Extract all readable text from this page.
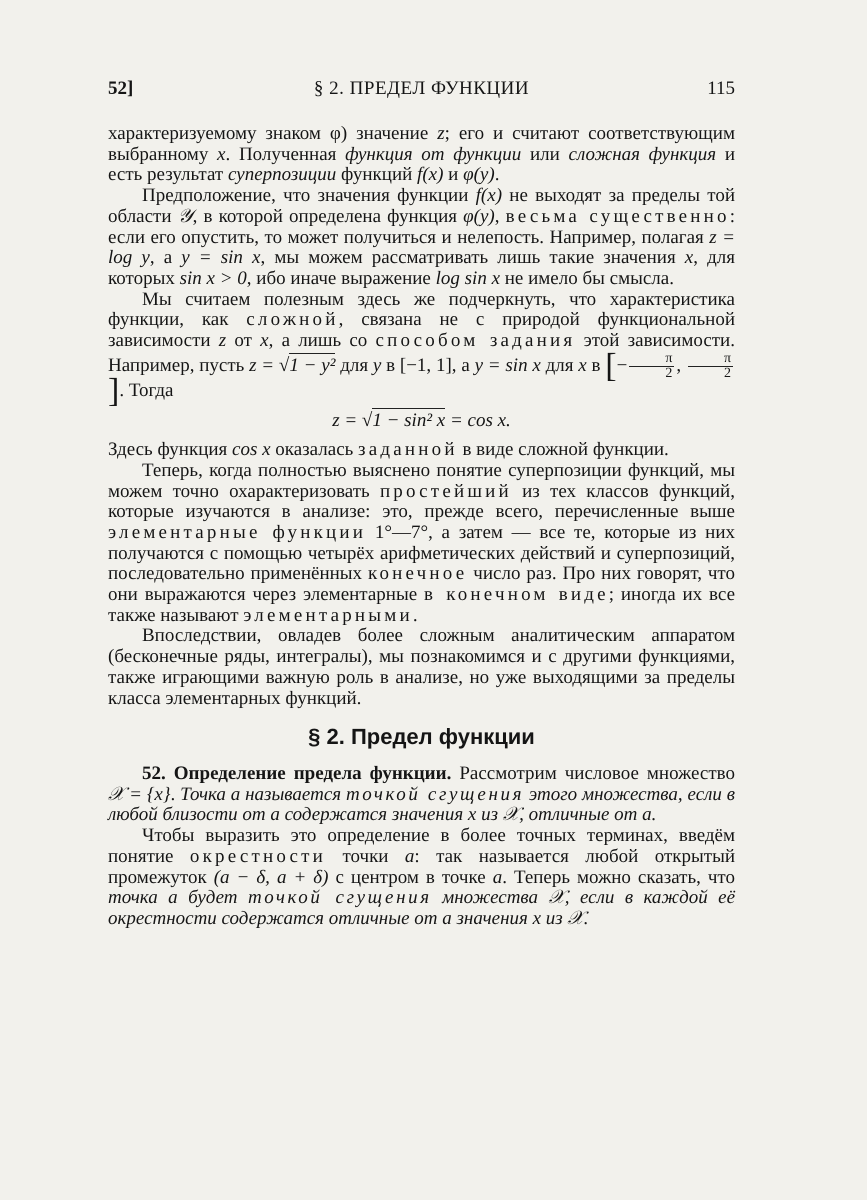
52]	§ 2. ПРЕДЕЛ ФУНКЦИИ	115

характеризуемому знаком φ) значение z; его и считают соответствующим выбранному x. Полученная функция от функции или сложная функция и есть результат суперпозиции функций f(x) и φ(y).

Предположение, что значения функции f(x) не выходят за пределы той области 𝒴, в которой определена функция φ(y), весьма существенно: если его опустить, то может получиться и нелепость. Например, полагая z = log y, а y = sin x, мы можем рассматривать лишь такие значения x, для которых sin x > 0, ибо иначе выражение log sin x не имело бы смысла.

Мы считаем полезным здесь же подчеркнуть, что характеристика функции, как сложной, связана не с природой функциональной зависимости z от x, а лишь со способом задания этой зависимости. Например, пусть z = √1 − y² для y в [−1, 1], а y = sin x для x в [− $\frac{\pi}{2}$ , $\frac{\pi}{2}$
]. Тогда

z = √1 − sin² x = cos x.

Здесь функция cos x оказалась заданной в виде сложной функции.

Теперь, когда полностью выяснено понятие суперпозиции функций, мы можем точно охарактеризовать простейший из тех классов функций, которые изучаются в анализе: это, прежде всего, перечисленные выше элементарные функции 1°—7°, а затем — все те, которые из них получаются с помощью четырёх арифметических действий и суперпозиций, последовательно применённых конечное число раз. Про них говорят, что они выражаются через элементарные в конечном виде; иногда их все также называют элементарными.

Впоследствии, овладев более сложным аналитическим аппаратом (бесконечные ряды, интегралы), мы познакомимся и с другими функциями, также играющими важную роль в анализе, но уже выходящими за пределы класса элементарных функций.

§ 2. Предел функции

52. Определение предела функции. Рассмотрим числовое множество 𝒳 = {x}. Точка a называется точкой сгущения этого множества, если в любой близости от a содержатся значения x из 𝒳, отличные от a.

Чтобы выразить это определение в более точных терминах, введём понятие окрестности точки a: так называется любой открытый промежуток (a − δ, a + δ) с центром в точке a. Теперь можно сказать, что точка a будет точкой сгущения множества 𝒳, если в каждой её окрестности содержатся отличные от a значения x из 𝒳.
